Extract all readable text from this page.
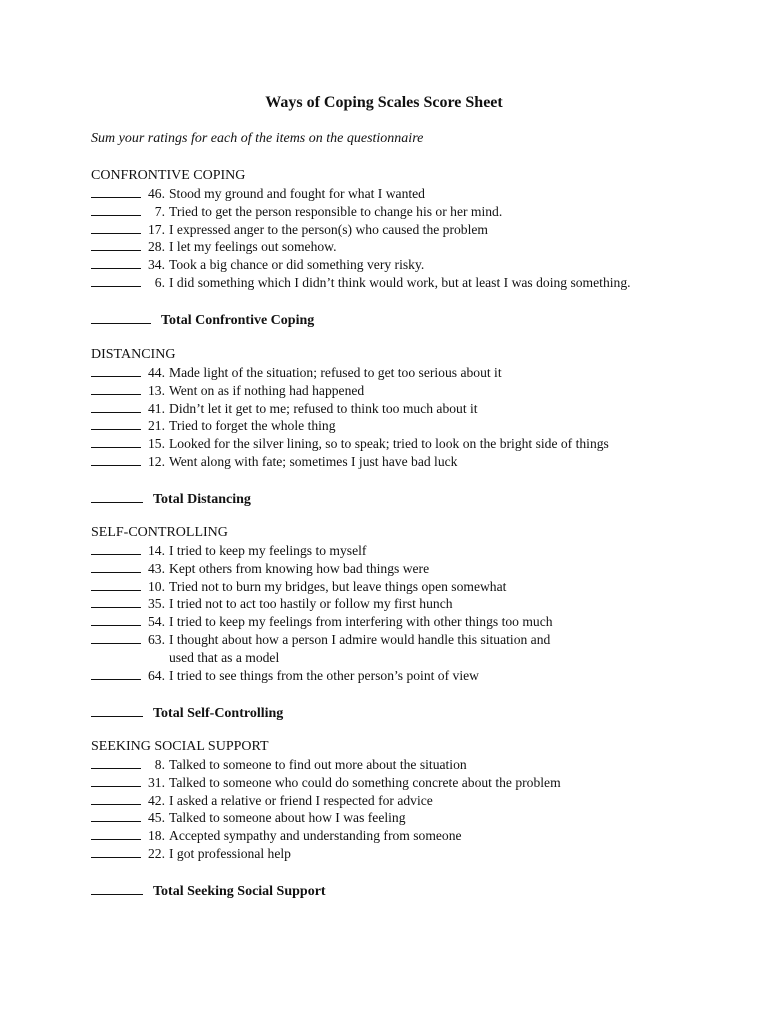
Ways of Coping Scales Score Sheet
Sum your ratings for each of the items on the questionnaire
CONFRONTIVE COPING
46. Stood my ground and fought for what I wanted
7. Tried to get the person responsible to change his or her mind.
17. I expressed anger to the person(s) who caused the problem
28. I let my feelings out somehow.
34. Took a big chance or did something very risky.
6. I did something which I didn’t think would work, but at least I was doing something.
Total Confrontive Coping
DISTANCING
44. Made light of the situation; refused to get too serious about it
13. Went on as if nothing had happened
41. Didn’t let it get to me; refused to think too much about it
21. Tried to forget the whole thing
15. Looked for the silver lining, so to speak; tried to look on the bright side of things
12. Went along with fate; sometimes I just have bad luck
Total Distancing
SELF-CONTROLLING
14. I tried to keep my feelings to myself
43. Kept others from knowing how bad things were
10. Tried not to burn my bridges, but leave things open somewhat
35. I tried not to act too hastily or follow my first hunch
54. I tried to keep my feelings from interfering with other things too much
63. I thought about how a person I admire would handle this situation and
used that as a model
64. I tried to see things from the other person’s point of view
Total Self-Controlling
SEEKING SOCIAL SUPPORT
8. Talked to someone to find out more about the situation
31. Talked to someone who could do something concrete about the problem
42. I asked a relative or friend I respected for advice
45. Talked to someone about how I was feeling
18. Accepted sympathy and understanding from someone
22. I got professional help
Total Seeking Social Support
